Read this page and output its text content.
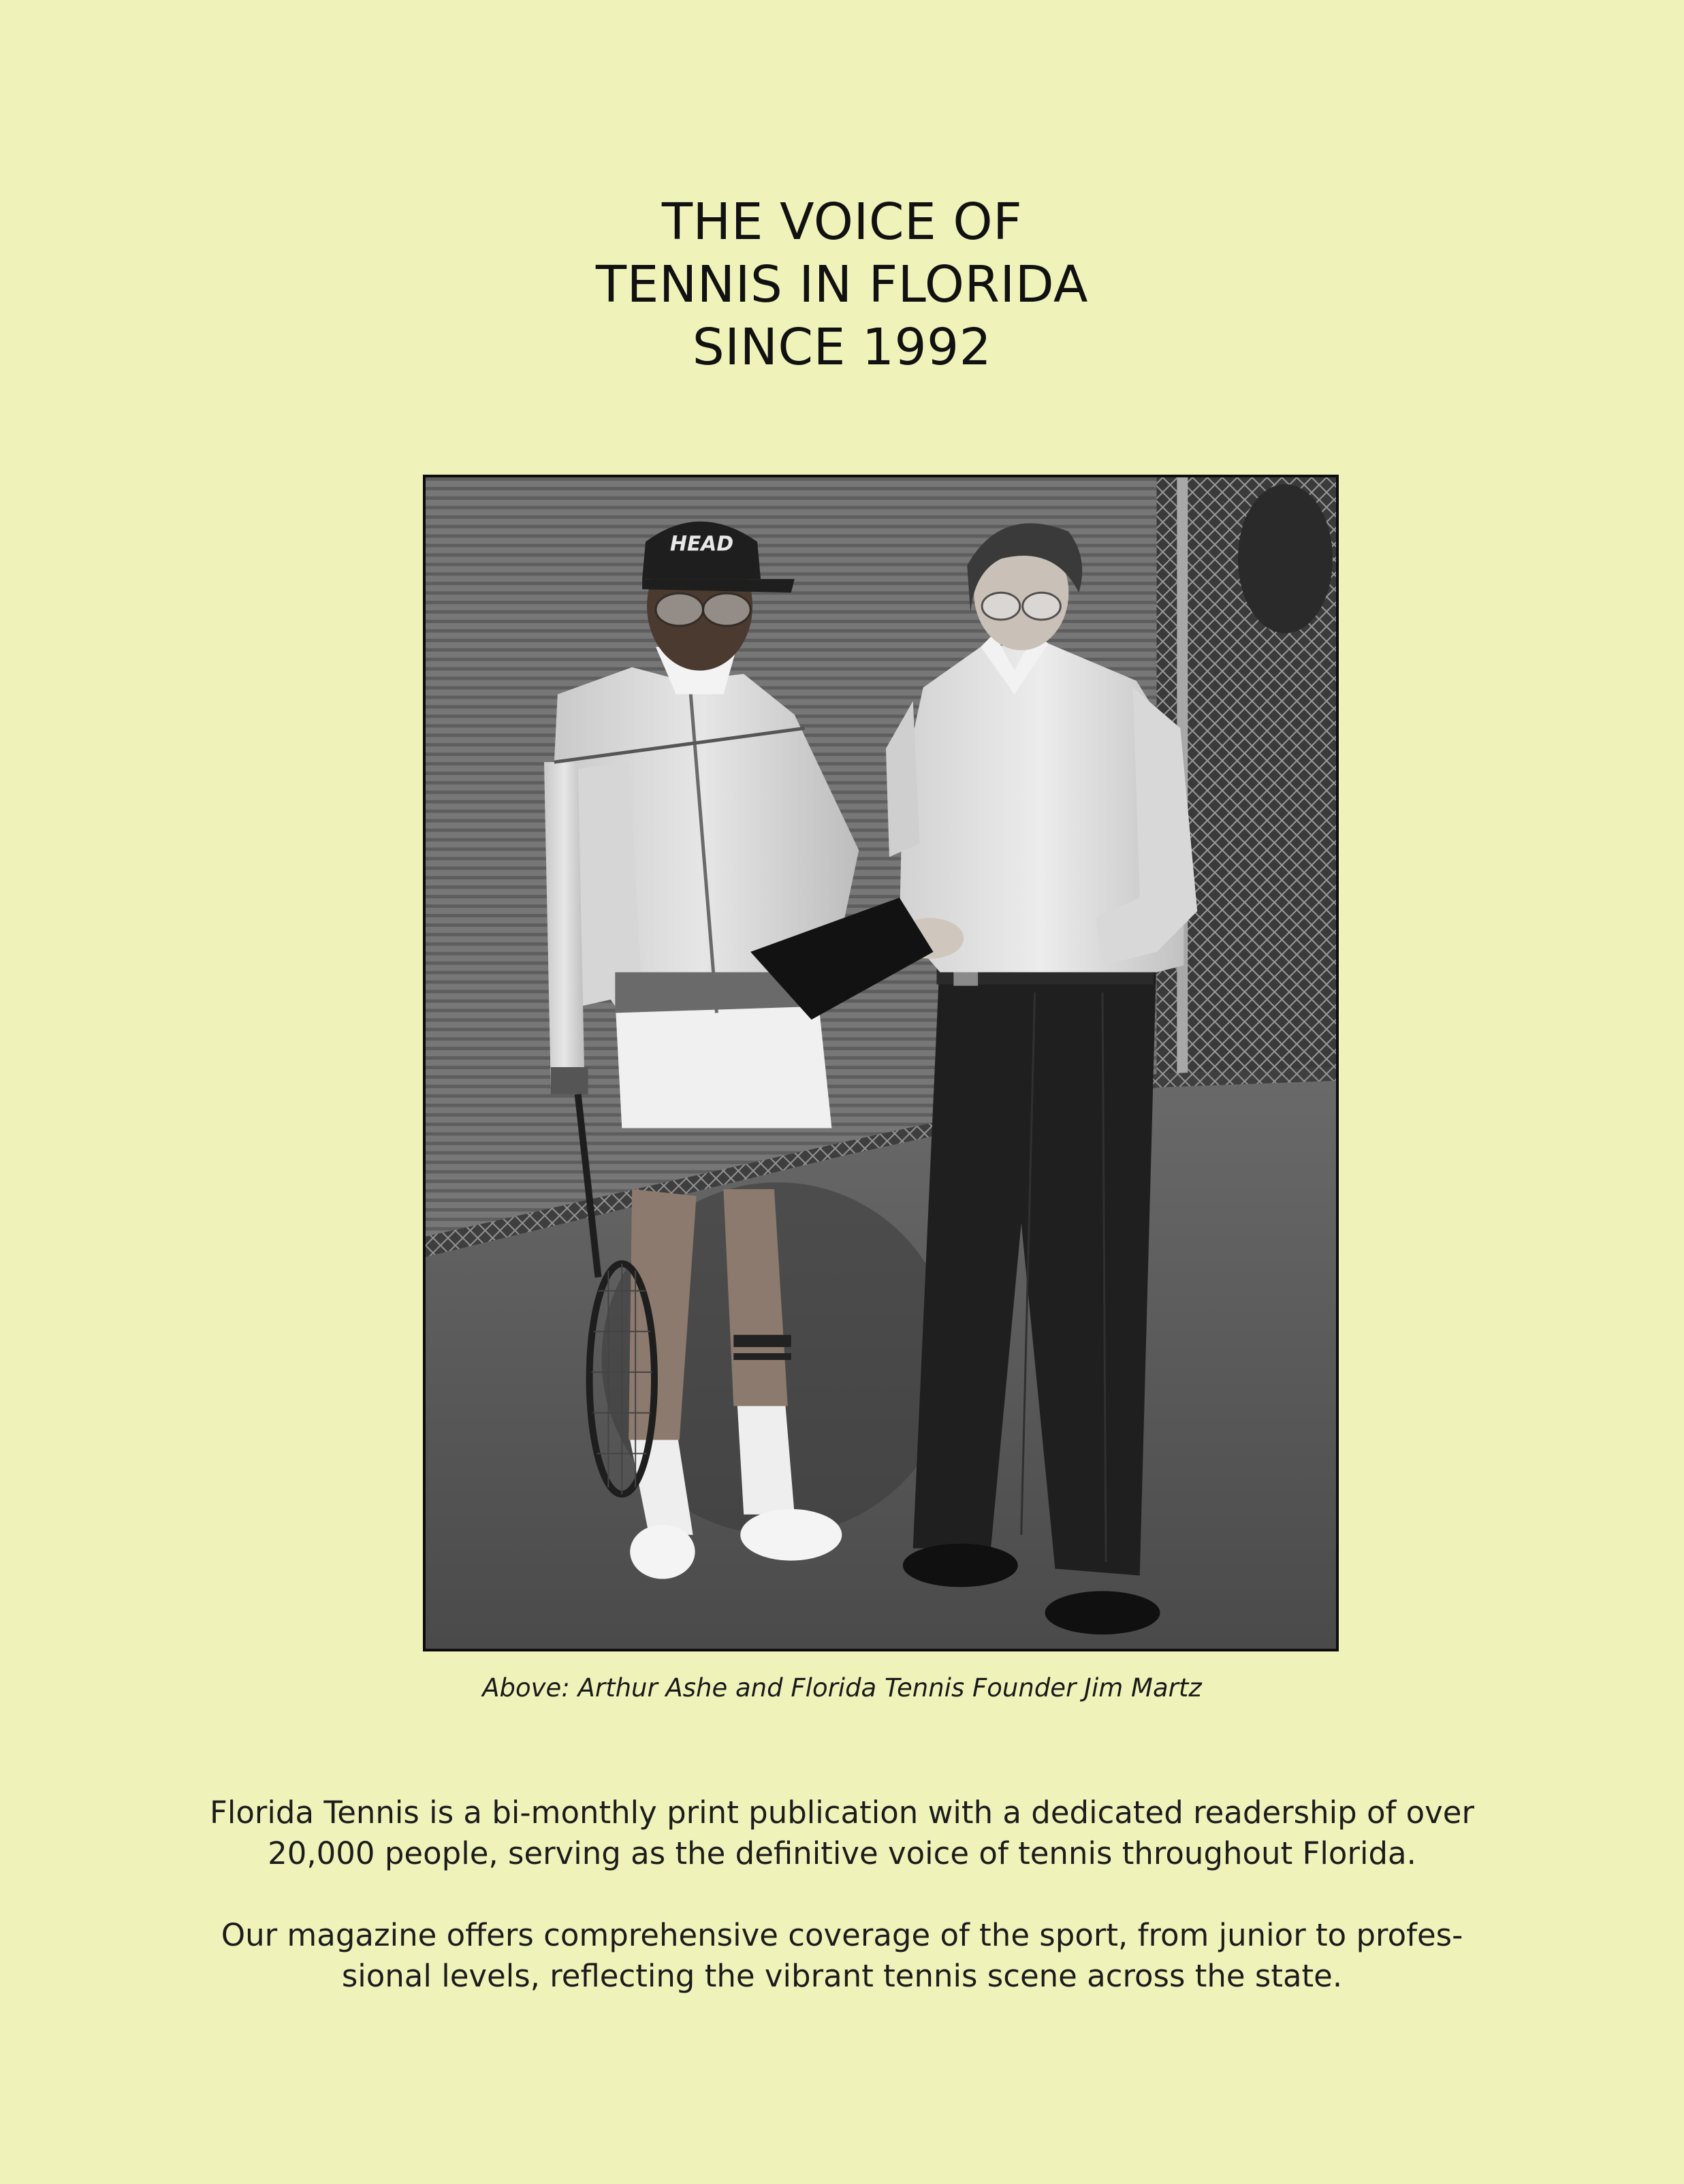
THE VOICE OF
TENNIS IN FLORIDA
SINCE 1992
HEAD
Above: Arthur Ashe and Florida Tennis Founder Jim Martz

Florida Tennis is a bi-monthly print publication with a dedicated readership of over
20,000 people, serving as the definitive voice of tennis throughout Florida.

Our magazine offers comprehensive coverage of the sport, from junior to profes-
sional levels, reflecting the vibrant tennis scene across the state.
